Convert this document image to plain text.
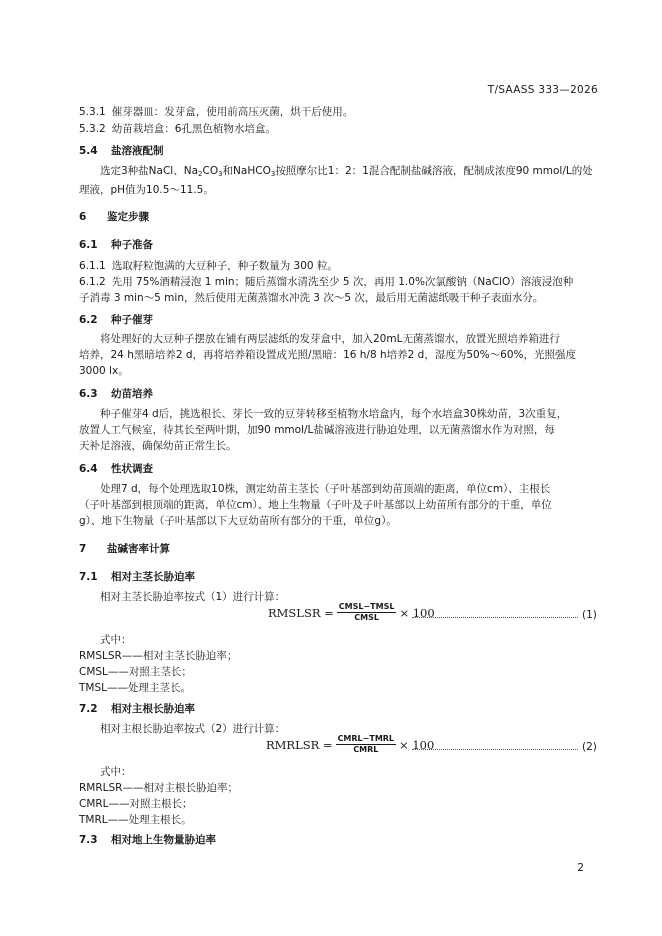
T/SAASS 333—2026

5.3.1 催芽器皿：发芽盒，使用前高压灭菌，烘干后使用。

5.3.2 幼苗栽培盒：6孔黑色植物水培盒。

5.4 盐溶液配制

选定3种盐NaCl、$Na_2CO_3$和NaHCO$_3$按照摩尔比1：2：1混合配制盐碱溶液，配制成浓度90 mmol/L的处

理液，pH值为10.5～11.5。

6 鉴定步骤

6.1 种子准备

6.1.1 选取籽粒饱满的大豆种子，种子数量为 300 粒。

6.1.2 先用 75%酒精浸泡 1 min；随后蒸馏水清洗至少 5 次，再用 1.0%次氯酸钠（NaClO）溶液浸泡种

子消毒 3 min～5 min，然后使用无菌蒸馏水冲洗 3 次～5 次，最后用无菌滤纸吸干种子表面水分。

6.2 种子催芽

将处理好的大豆种子摆放在铺有两层滤纸的发芽盒中，加入20mL无菌蒸馏水，放置光照培养箱进行

培养，24 h黑暗培养2 d，再将培养箱设置成光照/黑暗：16 h/8 h培养2 d，湿度为50%～60%，光照强度

3000 lx。

6.3 幼苗培养

种子催芽4 d后，挑选根长、芽长一致的豆芽转移至植物水培盒内，每个水培盒30株幼苗，3次重复，

放置人工气候室，待其长至两叶期，加90 mmol/L盐碱溶液进行胁迫处理，以无菌蒸馏水作为对照，每

天补足溶液，确保幼苗正常生长。

6.4 性状调查

处理7 d，每个处理选取10株，测定幼苗主茎长（子叶基部到幼苗顶端的距离，单位cm）、主根长

（子叶基部到根顶端的距离，单位cm）、地上生物量（子叶及子叶基部以上幼苗所有部分的干重，单位

g）、地下生物量（子叶基部以下大豆幼苗所有部分的干重，单位g）。

7 盐碱害率计算

7.1 相对主茎长胁迫率

相对主茎长胁迫率按式（1）进行计算：

RMSLSR = $\frac{\text{CMSL−TMSL}}{\text{CMSL}} \times 100$	(1)

式中：

RMSLSR——相对主茎长胁迫率；

CMSL——对照主茎长；

TMSL——处理主茎长。

7.2 相对主根长胁迫率

相对主根长胁迫率按式（2）进行计算：

RMRLSR = $\frac{\text{CMRL−TMRL}}{\text{CMRL}} \times 100$	(2)

式中：

RMRLSR——相对主根长胁迫率；

CMRL——对照主根长；

TMRL——处理主根长。

7.3 相对地上生物量胁迫率

2
